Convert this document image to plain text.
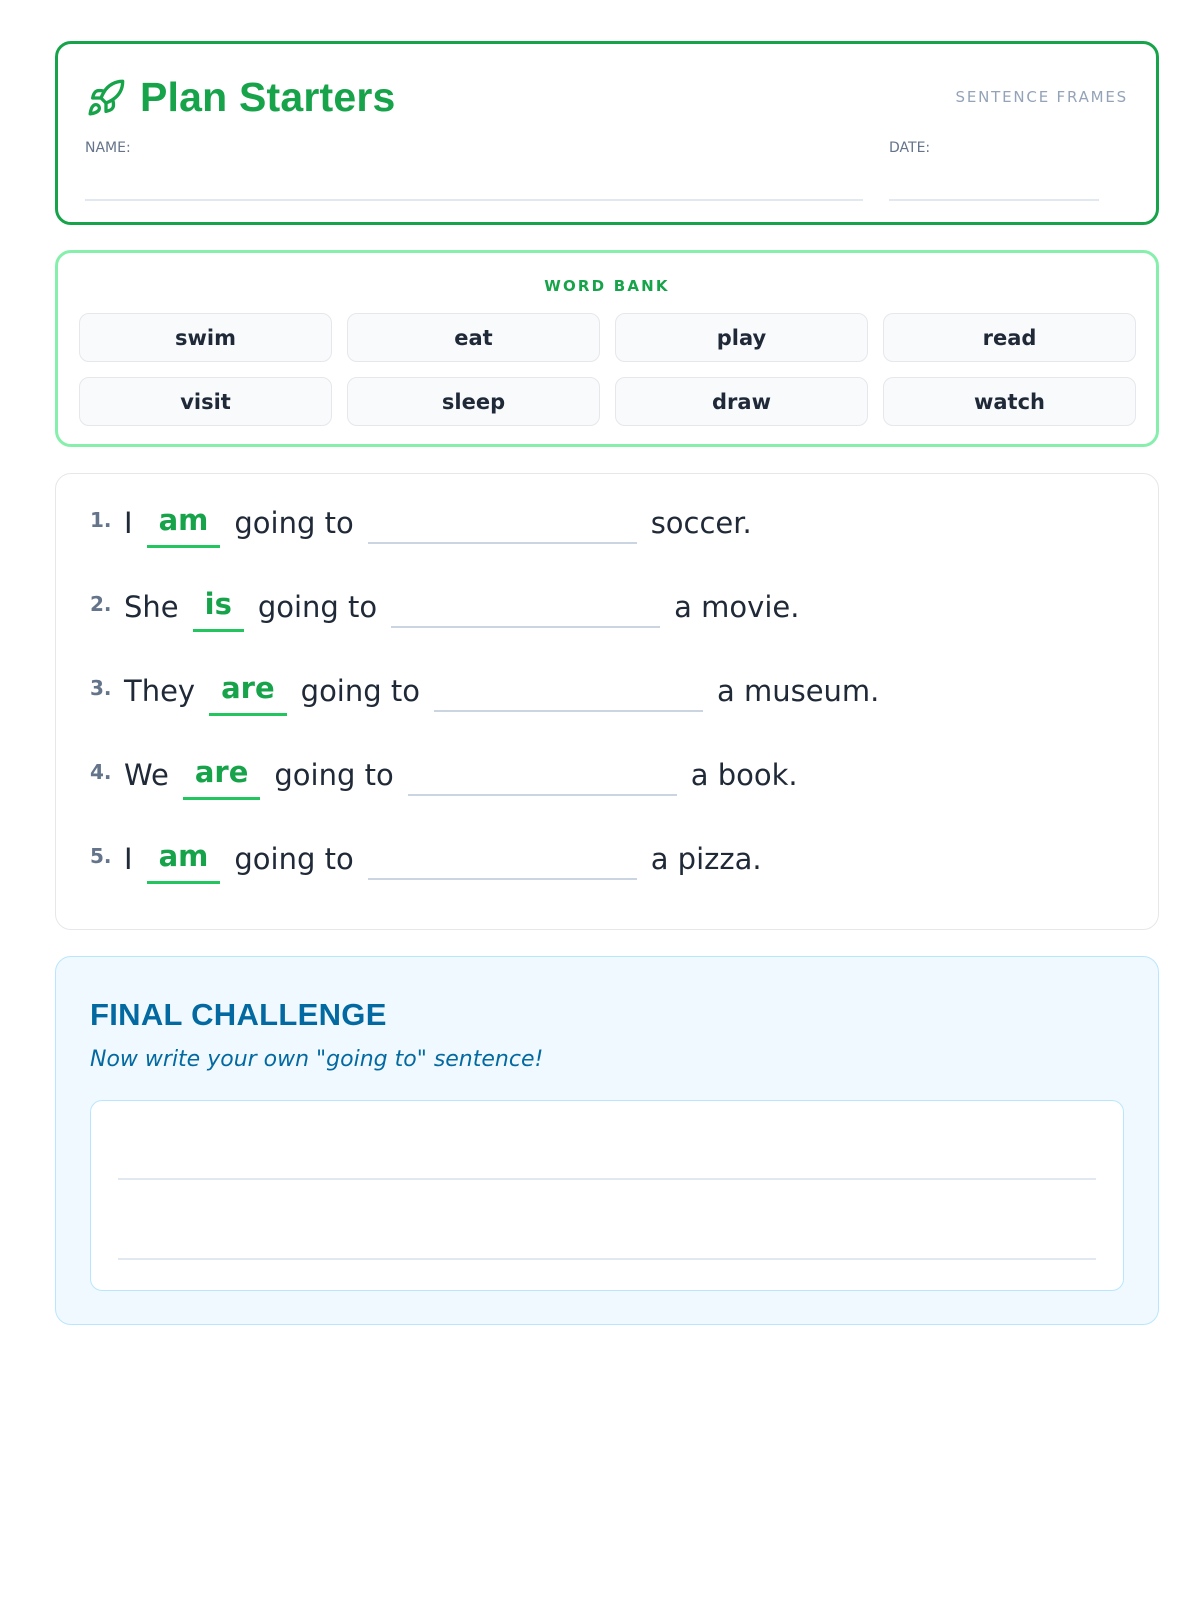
Plan Starters	SENTENCE FRAMES
NAME:	DATE:
WORD BANK
swim	eat	play	read
visit	sleep	draw	watch
1. I am going to	soccer.
2. She is going to	a movie.
3. They are going to	a museum.
4. We are going to	a book.
5. I am going to	a pizza.
FINAL CHALLENGE
Now write your own "going to" sentence!
